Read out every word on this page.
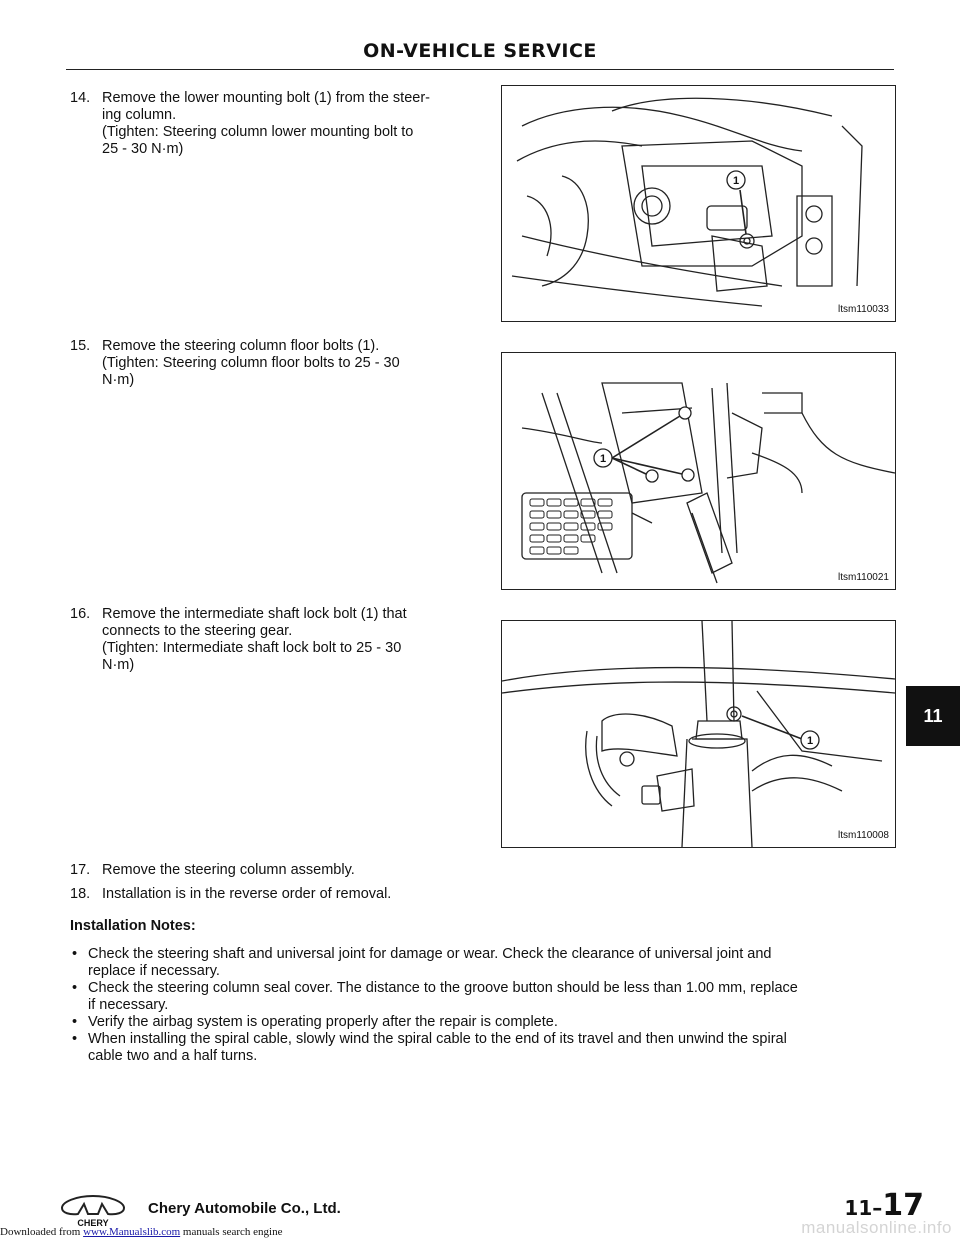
ON-VEHICLE SERVICE
14. Remove the lower mounting bolt (1) from the steer-
ing column.
(Tighten: Steering column lower mounting bolt to
25 - 30 N·m)
1
ltsm110033
15. Remove the steering column floor bolts (1).
(Tighten: Steering column floor bolts to 25 - 30
N·m)
1
ltsm110021
16. Remove the intermediate shaft lock bolt (1) that
connects to the steering gear.
(Tighten: Intermediate shaft lock bolt to 25 - 30
N·m)
1
ltsm110008
17. Remove the steering column assembly.
18. Installation is in the reverse order of removal.
Installation Notes:
• Check the steering shaft and universal joint for damage or wear. Check the clearance of universal joint and
replace if necessary.
• Check the steering column seal cover. The distance to the groove button should be less than 1.00 mm, replace
if necessary.
• Verify the airbag system is operating properly after the repair is complete.
• When installing the spiral cable, slowly wind the spiral cable to the end of its travel and then unwind the spiral
cable two and a half turns.
11
CHERY
Chery Automobile Co., Ltd.	11–17
Downloaded from www.Manualslib.com manuals search engine	manualsonline.info
